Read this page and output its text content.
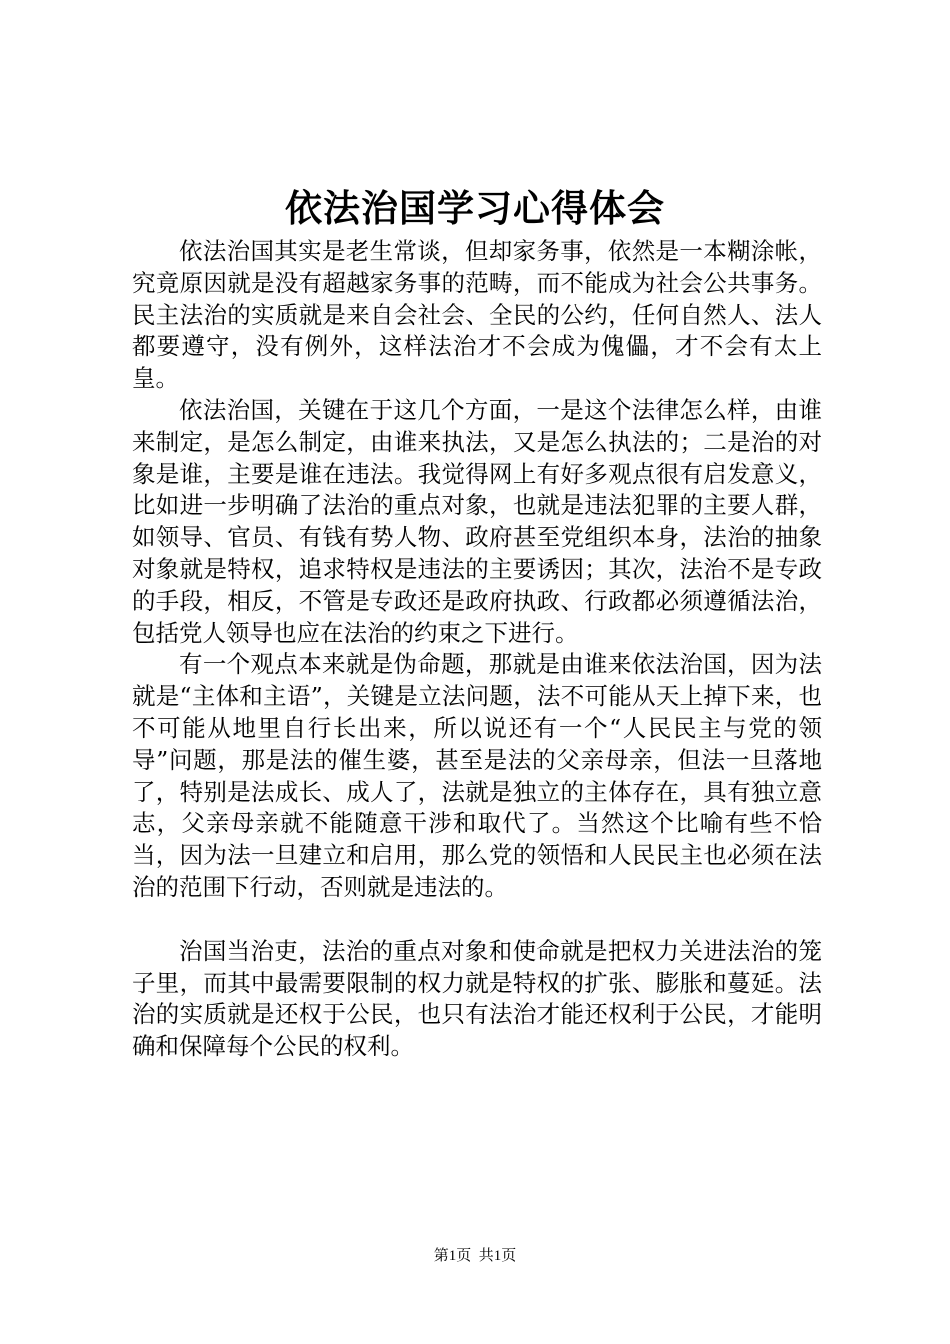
依法治国学习心得体会

依法治国其实是老生常谈，但却家务事，依然是一本糊涂帐，究竟原因就是没有超越家务事的范畴，而不能成为社会公共事务。民主法治的实质就是来自会社会、全民的公约，任何自然人、法人都要遵守，没有例外，这样法治才不会成为傀儡，才不会有太上皇。

依法治国，关键在于这几个方面，一是这个法律怎么样，由谁来制定，是怎么制定，由谁来执法，又是怎么执法的；二是治的对象是谁，主要是谁在违法。我觉得网上有好多观点很有启发意义，比如进一步明确了法治的重点对象，也就是违法犯罪的主要人群，如领导、官员、有钱有势人物、政府甚至党组织本身，法治的抽象对象就是特权，追求特权是违法的主要诱因；其次，法治不是专政的手段，相反，不管是专政还是政府执政、行政都必须遵循法治，包括党人领导也应在法治的约束之下进行。

有一个观点本来就是伪命题，那就是由谁来依法治国，因为法就是“主体和主语”，关键是立法问题，法不可能从天上掉下来，也不可能从地里自行长出来，所以说还有一个“人民民主与党的领导”问题，那是法的催生婆，甚至是法的父亲母亲，但法一旦落地了，特别是法成长、成人了，法就是独立的主体存在，具有独立意志，父亲母亲就不能随意干涉和取代了。当然这个比喻有些不恰当，因为法一旦建立和启用，那么党的领悟和人民民主也必须在法治的范围下行动，否则就是违法的。

治国当治吏，法治的重点对象和使命就是把权力关进法治的笼子里，而其中最需要限制的权力就是特权的扩张、膨胀和蔓延。法治的实质就是还权于公民，也只有法治才能还权利于公民，才能明确和保障每个公民的权利。

第1页  共1页
